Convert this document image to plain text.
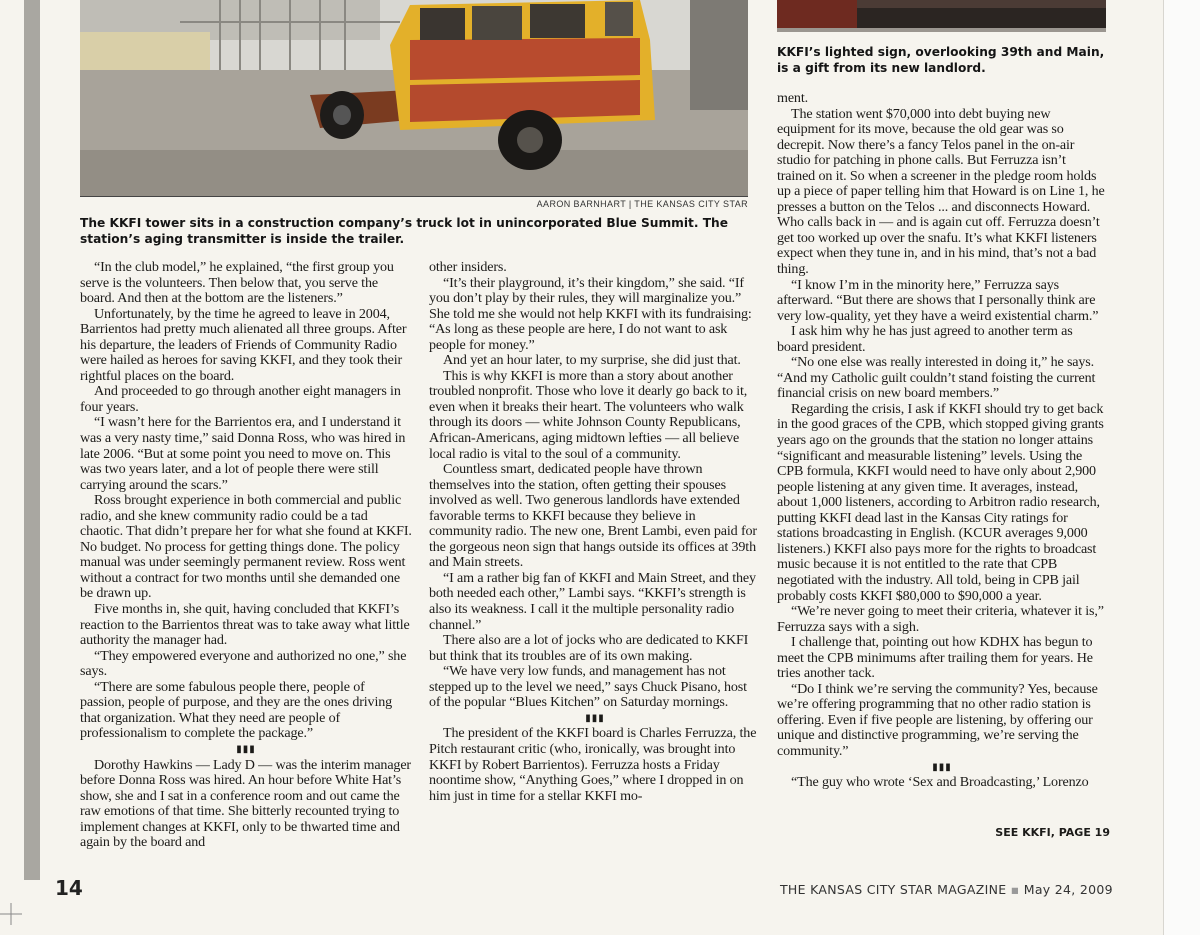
AARON BARNHART | THE KANSAS CITY STAR
The KKFI tower sits in a construction company’s truck lot in unincorporated Blue Summit. The station’s aging transmitter is inside the trailer.
KKFI’s lighted sign, overlooking 39th and Main, is a gift from its new landlord.

“In the club model,” he explained, “the first group you serve is the volunteers. Then below that, you serve the board. And then at the bottom are the listeners.”

Unfortunately, by the time he agreed to leave in 2004, Barrientos had pretty much alienated all three groups. After his departure, the leaders of Friends of Community Radio were hailed as heroes for saving KKFI, and they took their rightful places on the board.

And proceeded to go through another eight managers in four years.

“I wasn’t here for the Barrientos era, and I understand it was a very nasty time,” said Donna Ross, who was hired in late 2006. “But at some point you need to move on. This was two years later, and a lot of people there were still carrying around the scars.”

Ross brought experience in both commercial and public radio, and she knew community radio could be a tad chaotic. That didn’t prepare her for what she found at KKFI. No budget. No process for getting things done. The policy manual was under seemingly permanent review. Ross went without a contract for two months until she demanded one be drawn up.

Five months in, she quit, having concluded that KKFI’s reaction to the Barrientos threat was to take away what little authority the manager had.

“They empowered everyone and authorized no one,” she says.

“There are some fabulous people there, people of passion, people of purpose, and they are the ones driving that organization. What they need are people of professionalism to complete the package.”

▮▮▮

Dorothy Hawkins — Lady D — was the interim manager before Donna Ross was hired. An hour before White Hat’s show, she and I sat in a conference room and out came the raw emotions of that time. She bitterly recounted trying to implement changes at KKFI, only to be thwarted time and again by the board and

other insiders.

“It’s their playground, it’s their kingdom,” she said. “If you don’t play by their rules, they will marginalize you.” She told me she would not help KKFI with its fundraising: “As long as these people are here, I do not want to ask people for money.”

And yet an hour later, to my surprise, she did just that.

This is why KKFI is more than a story about another troubled nonprofit. Those who love it dearly go back to it, even when it breaks their heart. The volunteers who walk through its doors — white Johnson County Republicans, African-Americans, aging midtown lefties — all believe local radio is vital to the soul of a community.

Countless smart, dedicated people have thrown themselves into the station, often getting their spouses involved as well. Two generous landlords have extended favorable terms to KKFI because they believe in community radio. The new one, Brent Lambi, even paid for the gorgeous neon sign that hangs outside its offices at 39th and Main streets.

“I am a rather big fan of KKFI and Main Street, and they both needed each other,” Lambi says. “KKFI’s strength is also its weakness. I call it the multiple personality radio channel.”

There also are a lot of jocks who are dedicated to KKFI but think that its troubles are of its own making.

“We have very low funds, and management has not stepped up to the level we need,” says Chuck Pisano, host of the popular “Blues Kitchen” on Saturday mornings.

▮▮▮

The president of the KKFI board is Charles Ferruzza, the Pitch restaurant critic (who, ironically, was brought into KKFI by Robert Barrientos). Ferruzza hosts a Friday noontime show, “Anything Goes,” where I dropped in on him just in time for a stellar KKFI mo-

ment.

The station went $70,000 into debt buying new equipment for its move, because the old gear was so decrepit. Now there’s a fancy Telos panel in the on-air studio for patching in phone calls. But Ferruzza isn’t trained on it. So when a screener in the pledge room holds up a piece of paper telling him that Howard is on Line 1, he presses a button on the Telos ... and disconnects Howard. Who calls back in — and is again cut off. Ferruzza doesn’t get too worked up over the snafu. It’s what KKFI listeners expect when they tune in, and in his mind, that’s not a bad thing.

“I know I’m in the minority here,” Ferruzza says afterward. “But there are shows that I personally think are very low-quality, yet they have a weird existential charm.”

I ask him why he has just agreed to another term as board president.

“No one else was really interested in doing it,” he says. “And my Catholic guilt couldn’t stand foisting the current financial crisis on new board members.”

Regarding the crisis, I ask if KKFI should try to get back in the good graces of the CPB, which stopped giving grants years ago on the grounds that the station no longer attains “significant and measurable listening” levels. Using the CPB formula, KKFI would need to have only about 2,900 people listening at any given time. It averages, instead, about 1,000 listeners, according to Arbitron radio research, putting KKFI dead last in the Kansas City ratings for stations broadcasting in English. (KCUR averages 9,000 listeners.) KKFI also pays more for the rights to broadcast music because it is not entitled to the rate that CPB negotiated with the industry. All told, being in CPB jail probably costs KKFI $80,000 to $90,000 a year.

“We’re never going to meet their criteria, whatever it is,” Ferruzza says with a sigh.

I challenge that, pointing out how KDHX has begun to meet the CPB minimums after trailing them for years. He tries another tack.

“Do I think we’re serving the community? Yes, because we’re offering programming that no other radio station is offering. Even if five people are listening, by offering our unique and distinctive programming, we’re serving the community.”

▮▮▮

“The guy who wrote ‘Sex and Broadcasting,’ Lorenzo

SEE KKFI, PAGE 19
14	THE KANSAS CITY STAR MAGAZINE ▪ May 24, 2009
